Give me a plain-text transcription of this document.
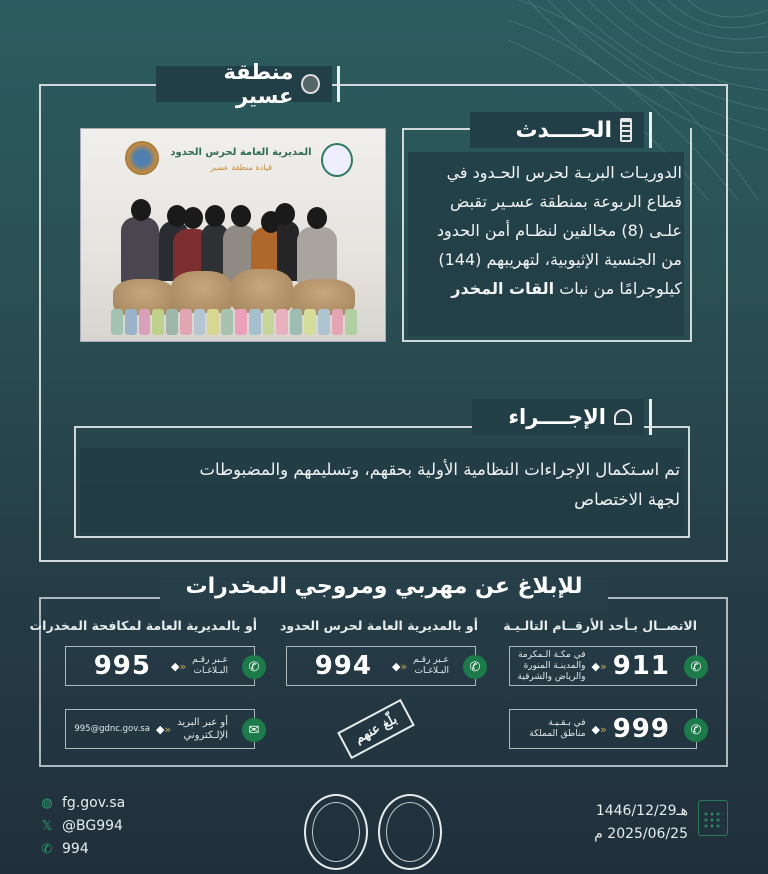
منطقة عسير
الحــــدث
الدوريـات البريـة لحرس الحـدود في
قطاع الربوعة بمنطقة عسـير تقبض
علـى (8) مخالفين لنظـام أمن الحدود
من الجنسية الإثيوبية، لتهريبهم (144)
كيلوجرامًا من نبات القات المخدر
المديرية العامة لحرس الحدود
قيادة منطقة عسير
الإجــــراء
تم اسـتكمال الإجراءات النظامية الأولية بحقهم، وتسليمهم والمضبوطات
لجهة الاختصاص
للإبلاغ عن مهربي ومروجي المخدرات
الاتصــال بـأحد الأرقــام التالـيـة
أو بالمديرية العامة لحرس الحدود
أو بالمديرية العامة لمكافحة المخدرات
✆
911
«◆
في مكـة الـمكرمة
والمدينـة المنورة
والرياض والشرقية
✆
999
«◆
في بـقـيـة
مناطق المملكة
✆
عـبر رقـم
البـلاغـات
«◆
994
✆
عـبر رقـم
البـلاغـات
«◆
995
✉
أو عبر البريد
الإلـكتروني
«◆
995@gdnc.gov.sa	بلّغ عنهم
◍ fg.gov.sa
𝕏 @BG994
✆ 994
1446/12/29هـ
2025/06/25 م
